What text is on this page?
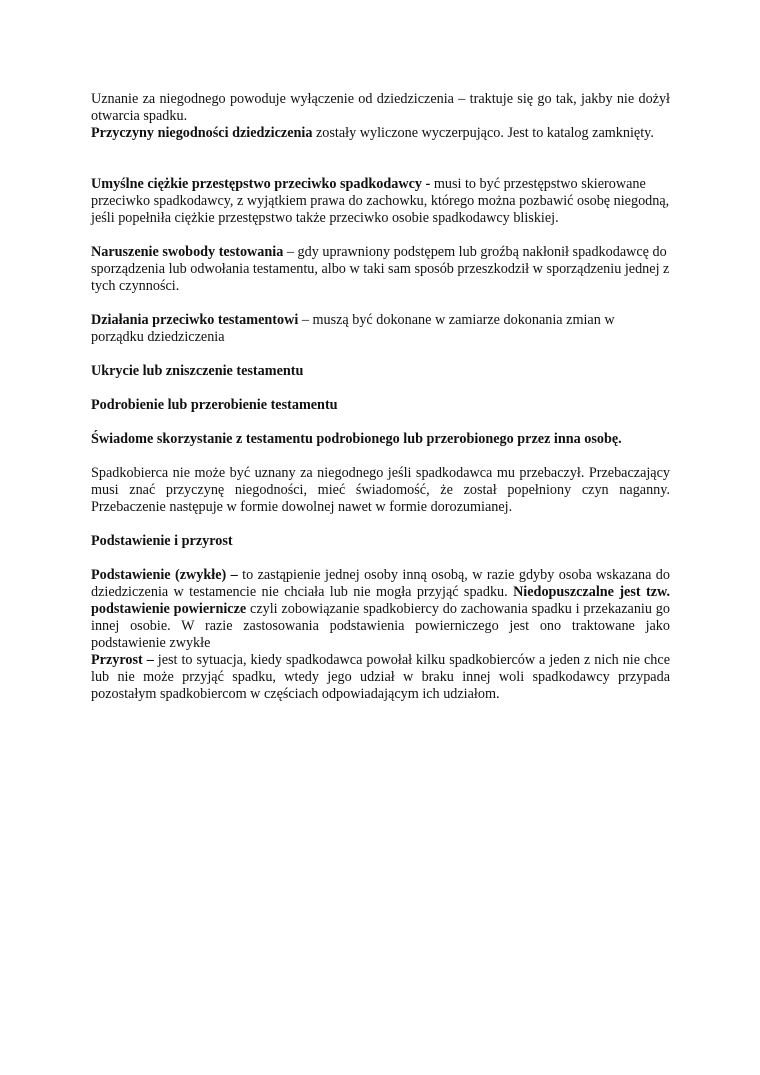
Uznanie za niegodnego powoduje wyłączenie od dziedziczenia – traktuje się go tak, jakby nie dożył otwarcia spadku.

Przyczyny niegodności dziedziczenia zostały wyliczone wyczerpująco. Jest to katalog zamknięty.

Umyślne ciężkie przestępstwo przeciwko spadkodawcy - musi to być przestępstwo skierowane przeciwko spadkodawcy, z wyjątkiem prawa do zachowku, którego można pozbawić osobę niegodną, jeśli popełniła ciężkie przestępstwo także przeciwko osobie spadkodawcy bliskiej.

Naruszenie swobody testowania – gdy uprawniony podstępem lub groźbą nakłonił spadkodawcę do sporządzenia lub odwołania testamentu, albo w taki sam sposób przeszkodził w sporządzeniu jednej z tych czynności.

Działania przeciwko testamentowi – muszą być dokonane w zamiarze dokonania zmian w porządku dziedziczenia

Ukrycie lub zniszczenie testamentu

Podrobienie lub przerobienie testamentu

Świadome skorzystanie z testamentu podrobionego lub przerobionego przez inna osobę.

Spadkobierca nie może być uznany za niegodnego jeśli spadkodawca mu przebaczył. Przebaczający musi znać przyczynę niegodności, mieć świadomość, że został popełniony czyn naganny. Przebaczenie następuje w formie dowolnej nawet w formie dorozumianej.

Podstawienie i przyrost

Podstawienie (zwykłe) – to zastąpienie jednej osoby inną osobą, w razie gdyby osoba wskazana do dziedziczenia w testamencie nie chciała lub nie mogła przyjąć spadku. Niedopuszczalne jest tzw. podstawienie powiernicze czyli zobowiązanie spadkobiercy do zachowania spadku i przekazaniu go innej osobie. W razie zastosowania podstawienia powierniczego jest ono traktowane jako podstawienie zwykłe

Przyrost – jest to sytuacja, kiedy spadkodawca powołał kilku spadkobierców a jeden z nich nie chce lub nie może przyjąć spadku, wtedy jego udział w braku innej woli spadkodawcy przypada pozostałym spadkobiercom w częściach odpowiadającym ich udziałom.
